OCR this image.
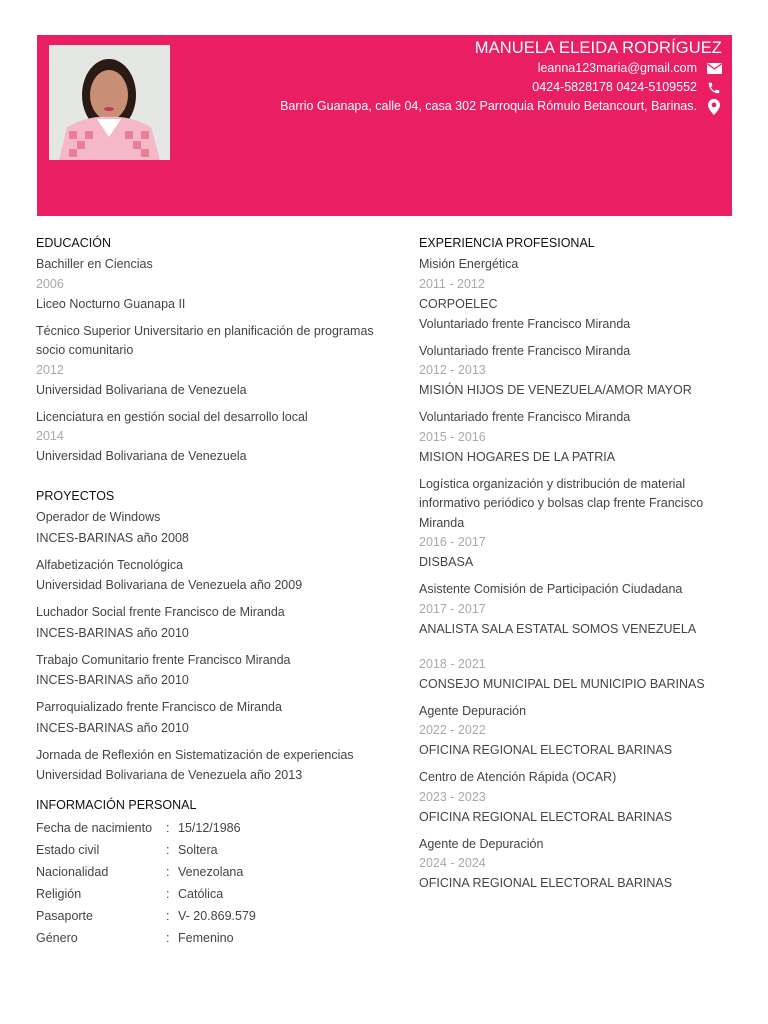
MANUELA ELEIDA RODRÍGUEZ
leanna123maria@gmail.com
0424-5828178 0424-5109552
Barrio Guanapa, calle 04, casa 302 Parroquia Rómulo Betancourt, Barinas.
EDUCACIÓN
Bachiller en Ciencias
2006
Liceo Nocturno Guanapa II
Técnico Superior Universitario en planificación de programas socio comunitario
2012
Universidad Bolivariana de Venezuela
Licenciatura en gestión social del desarrollo local
2014
Universidad Bolivariana de Venezuela
PROYECTOS
Operador de Windows
INCES-BARINAS año 2008
Alfabetización Tecnológica
Universidad Bolivariana de Venezuela año 2009
Luchador Social frente Francisco de Miranda
INCES-BARINAS año 2010
Trabajo Comunitario frente Francisco Miranda
INCES-BARINAS año 2010
Parroquializado frente Francisco de Miranda
INCES-BARINAS año 2010
Jornada de Reflexión en Sistematización de experiencias
Universidad Bolivariana de Venezuela año 2013
INFORMACIÓN PERSONAL
Fecha de nacimiento	:	15/12/1986
Estado civil	:	Soltera
Nacionalidad	:	Venezolana
Religión	:	Católica
Pasaporte	:	V- 20.869.579
Género	:	Femenino
EXPERIENCIA PROFESIONAL
Misión Energética
2011 - 2012
CORPOELEC
Voluntariado frente Francisco Miranda
Voluntariado frente Francisco Miranda
2012 - 2013
MISIÓN HIJOS DE VENEZUELA/AMOR MAYOR
Voluntariado frente Francisco Miranda
2015 - 2016
MISION HOGARES DE LA PATRIA
Logística organización y distribución de material informativo periódico y bolsas clap frente Francisco Miranda
2016 - 2017
DISBASA
Asistente Comisión de Participación Ciudadana
2017 - 2017
ANALISTA SALA ESTATAL SOMOS VENEZUELA
2018 - 2021
CONSEJO MUNICIPAL DEL MUNICIPIO BARINAS
Agente Depuración
2022 - 2022
OFICINA REGIONAL ELECTORAL BARINAS
Centro de Atención Rápida (OCAR)
2023 - 2023
OFICINA REGIONAL ELECTORAL BARINAS
Agente de Depuración
2024 - 2024
OFICINA REGIONAL ELECTORAL BARINAS
